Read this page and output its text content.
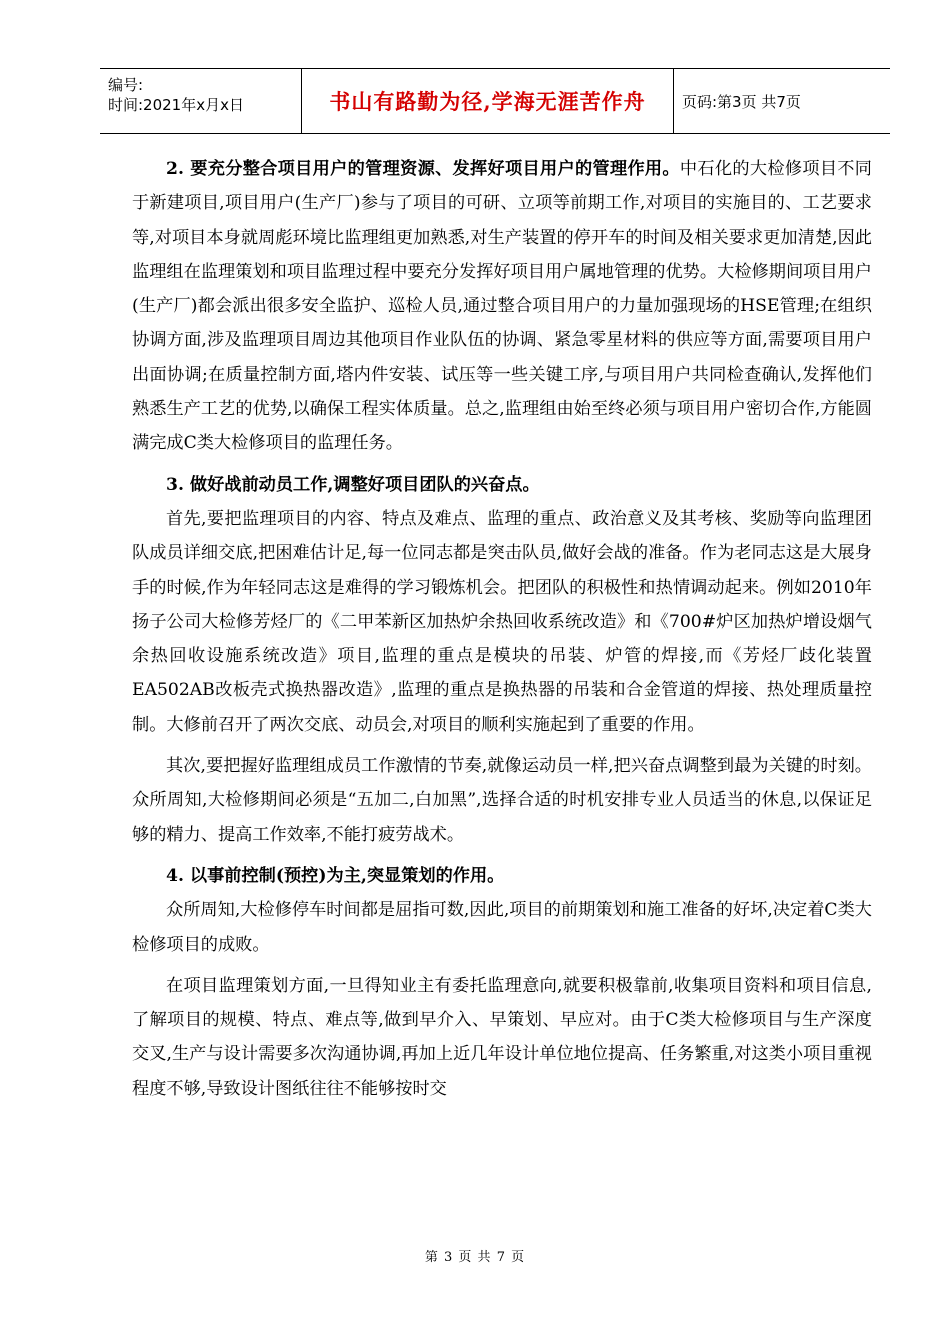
编号:
时间:2021年x月x日	书山有路勤为径,学海无涯苦作舟	页码:第3页 共7页

2. 要充分整合项目用户的管理资源、发挥好项目用户的管理作用。中石化的大检修项目不同于新建项目,项目用户(生产厂)参与了项目的可研、立项等前期工作,对项目的实施目的、工艺要求等,对项目本身就周彪环境比监理组更加熟悉,对生产装置的停开车的时间及相关要求更加清楚,因此监理组在监理策划和项目监理过程中要充分发挥好项目用户属地管理的优势。大检修期间项目用户(生产厂)都会派出很多安全监护、巡检人员,通过整合项目用户的力量加强现场的HSE管理;在组织协调方面,涉及监理项目周边其他项目作业队伍的协调、紧急零星材料的供应等方面,需要项目用户出面协调;在质量控制方面,塔内件安装、试压等一些关键工序,与项目用户共同检查确认,发挥他们熟悉生产工艺的优势,以确保工程实体质量。总之,监理组由始至终必须与项目用户密切合作,方能圆满完成C类大检修项目的监理任务。

3. 做好战前动员工作,调整好项目团队的兴奋点。

首先,要把监理项目的内容、特点及难点、监理的重点、政治意义及其考核、奖励等向监理团队成员详细交底,把困难估计足,每一位同志都是突击队员,做好会战的准备。作为老同志这是大展身手的时候,作为年轻同志这是难得的学习锻炼机会。把团队的积极性和热情调动起来。例如2010年扬子公司大检修芳烃厂的《二甲苯新区加热炉余热回收系统改造》和《700#炉区加热炉增设烟气余热回收设施系统改造》项目,监理的重点是模块的吊装、炉管的焊接,而《芳烃厂歧化装置EA502AB改板壳式换热器改造》,监理的重点是换热器的吊装和合金管道的焊接、热处理质量控制。大修前召开了两次交底、动员会,对项目的顺利实施起到了重要的作用。

其次,要把握好监理组成员工作激情的节奏,就像运动员一样,把兴奋点调整到最为关键的时刻。众所周知,大检修期间必须是“五加二,白加黑”,选择合适的时机安排专业人员适当的休息,以保证足够的精力、提高工作效率,不能打疲劳战术。

4. 以事前控制(预控)为主,突显策划的作用。

众所周知,大检修停车时间都是屈指可数,因此,项目的前期策划和施工准备的好坏,决定着C类大检修项目的成败。

在项目监理策划方面,一旦得知业主有委托监理意向,就要积极靠前,收集项目资料和项目信息,了解项目的规模、特点、难点等,做到早介入、早策划、早应对。由于C类大检修项目与生产深度交叉,生产与设计需要多次沟通协调,再加上近几年设计单位地位提高、任务繁重,对这类小项目重视程度不够,导致设计图纸往往不能够按时交

第 3 页 共 7 页
